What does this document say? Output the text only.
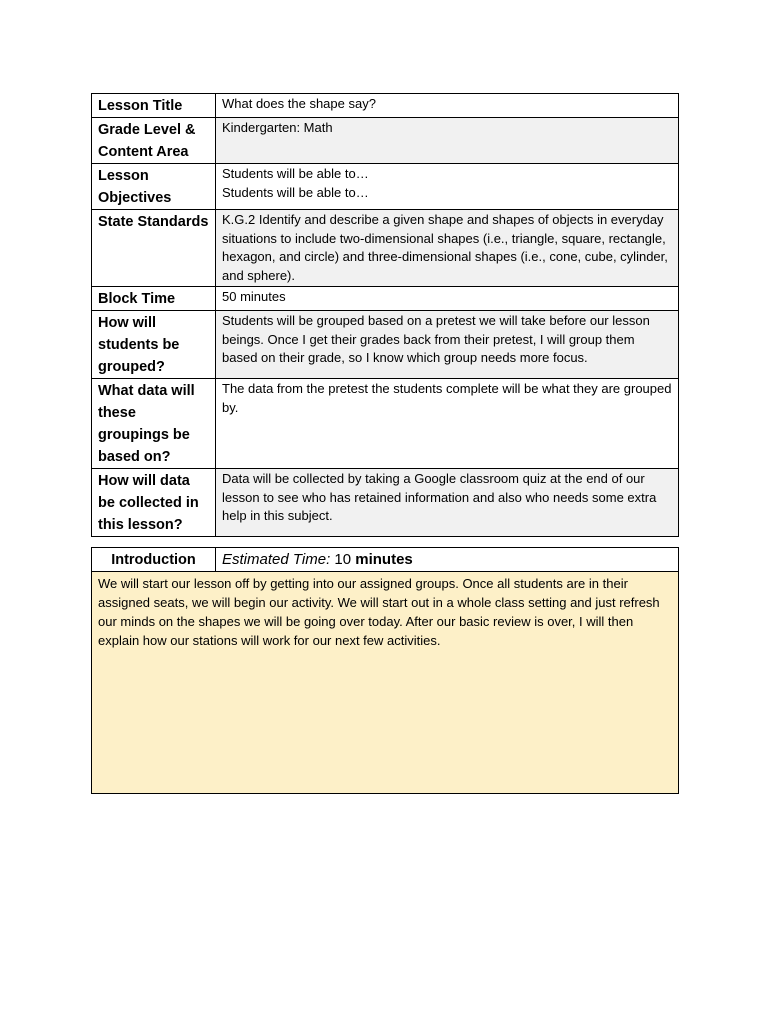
Lesson Title	What does the shape say?

Grade Level & Content Area	Kindergarten: Math

Lesson Objectives	Students will be able to…
Students will be able to…

State Standards	K.G.2 Identify and describe a given shape and shapes of objects in everyday situations to include two-dimensional shapes (i.e., triangle, square, rectangle, hexagon, and circle) and three-dimensional shapes (i.e., cone, cube, cylinder, and sphere).

Block Time	50 minutes

How will students be grouped?	Students will be grouped based on a pretest we will take before our lesson beings. Once I get their grades back from their pretest, I will group them based on their grade, so I know which group needs more focus.

What data will these groupings be based on?	The data from the pretest the students complete will be what they are grouped by.

How will data be collected in this lesson?	Data will be collected by taking a Google classroom quiz at the end of our lesson to see who has retained information and also who needs some extra help in this subject.
Introduction	Estimated Time: 10 minutes
We will start our lesson off by getting into our assigned groups. Once all students are in their assigned seats, we will begin our activity. We will start out in a whole class setting and just refresh our minds on the shapes we will be going over today. After our basic review is over, I will then explain how our stations will work for our next few activities.
